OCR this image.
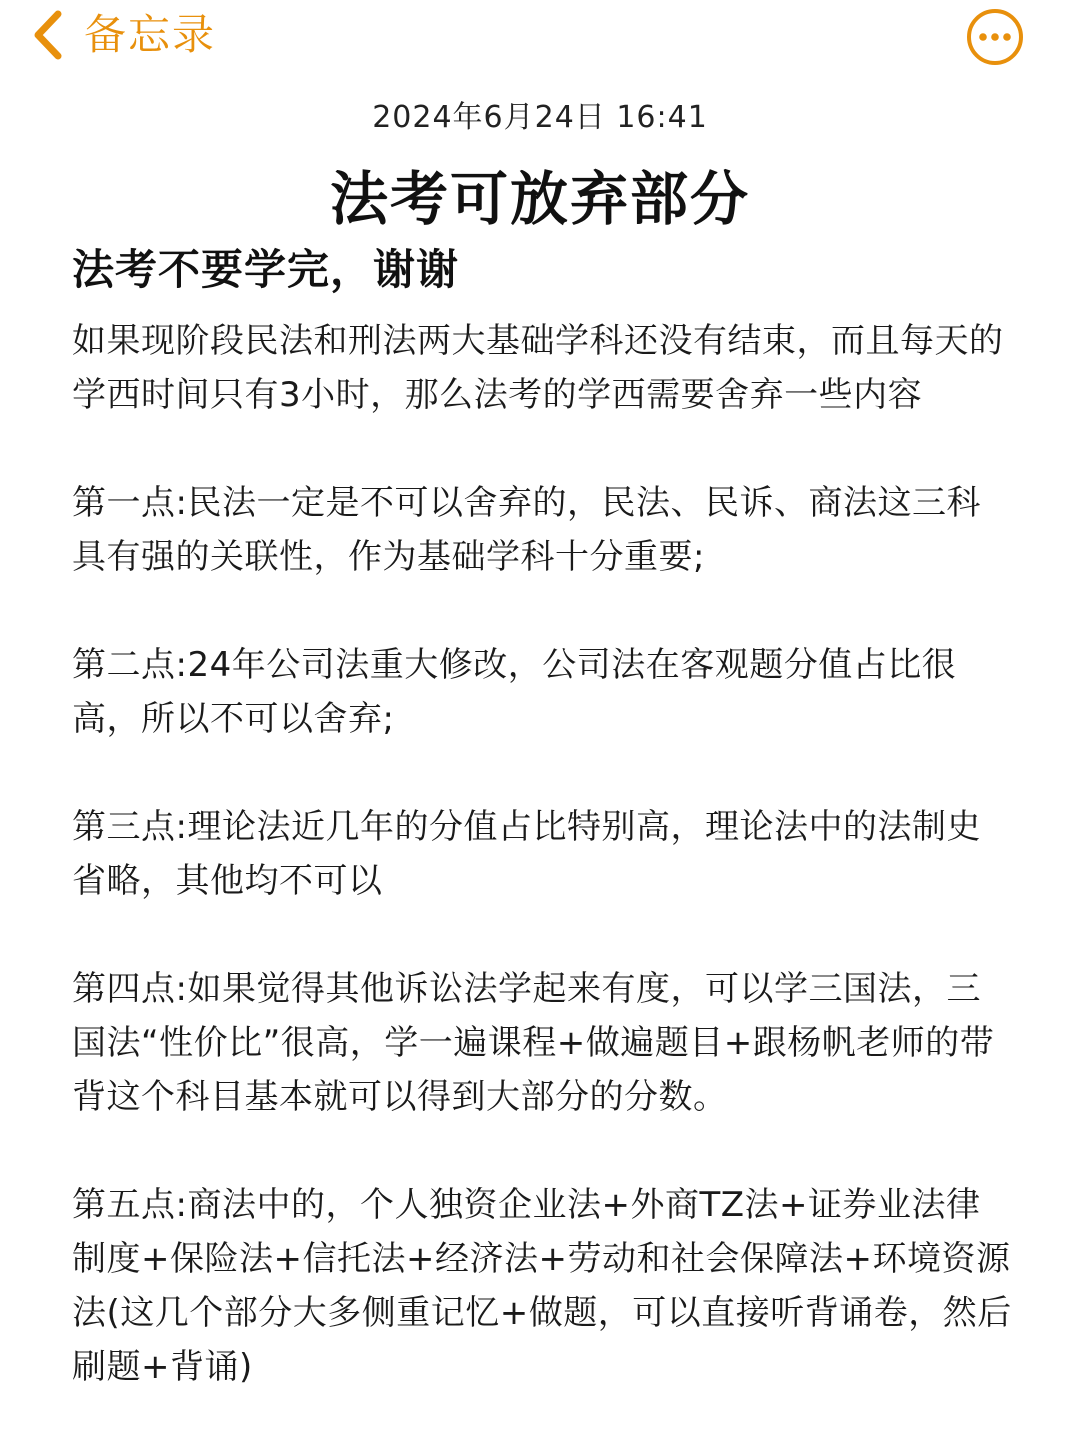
备忘录
2024年6月24日 16:41
法考可放弃部分
法考不要学完，谢谢
如果现阶段民法和刑法两大基础学科还没有结束，而且每天的学西时间只有3小时，那么法考的学西需要舍弃一些内容
第一点:民法一定是不可以舍弃的，民法、民诉、商法这三科具有强的关联性，作为基础学科十分重要;
第二点:24年公司法重大修改，公司法在客观题分值占比很高，所以不可以舍弃;
第三点:理论法近几年的分值占比特别高，理论法中的法制史省略，其他均不可以
第四点:如果觉得其他诉讼法学起来有度，可以学三国法，三国法“性价比”很高，学一遍课程+做遍题目+跟杨帆老师的带背这个科目基本就可以得到大部分的分数。
第五点:商法中的，个人独资企业法+外商TZ法+证券业法律制度+保险法+信托法+经济法+劳动和社会保障法+环境资源法(这几个部分大多侧重记忆+做题，可以直接听背诵卷，然后刷题+背诵)
